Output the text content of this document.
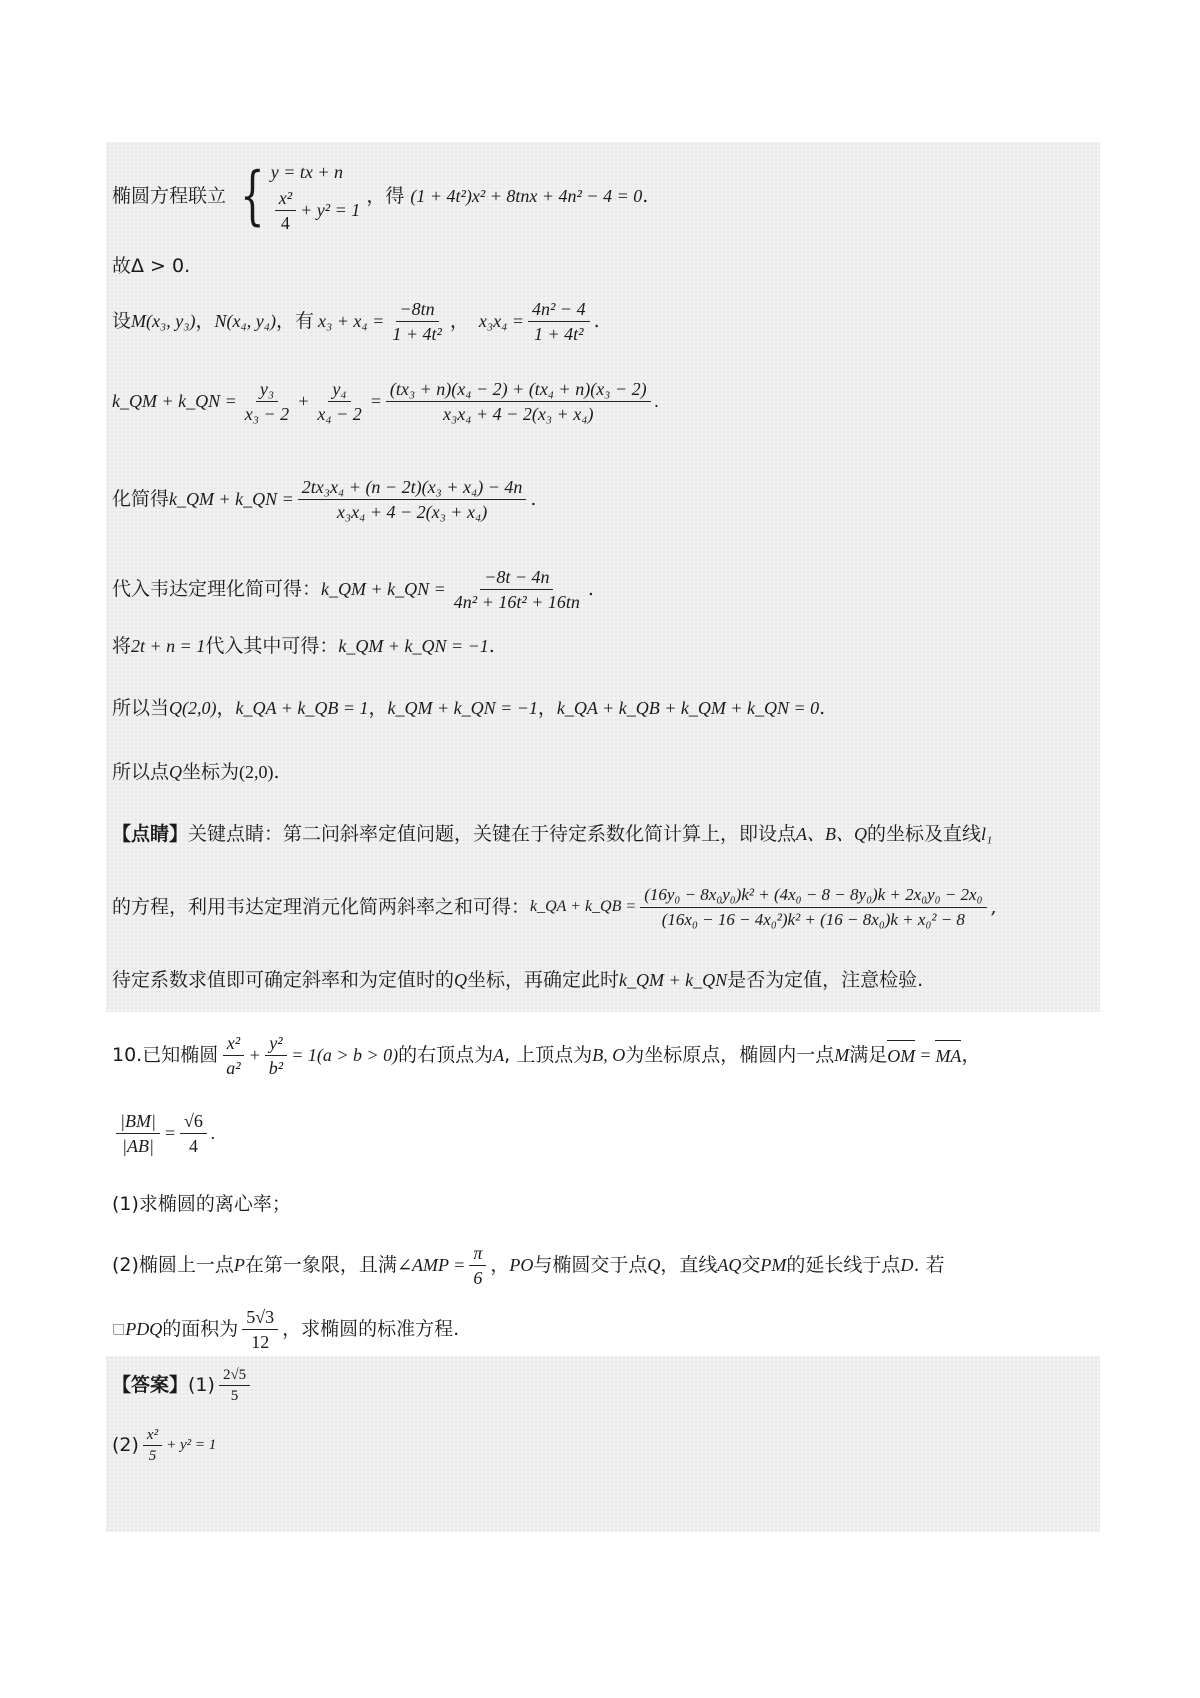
椭圆方程联立 { y = tx + n
$\frac{\text{x²}}{4} + y^2 = 1$
，得 (1 + 4t²)x² + 8tnx + 4n² − 4 = 0 .
故Δ > 0.
设 M(x₃, y₃) ， N(x₄, y₄) ，有 $x_3 + x_4 = \frac{-8tn}{\text{1 + 4t²}}$ ， $x_3x_4 = \frac{\text{4n² − 4}}{\text{1 + 4t²}}$ .
k_QM + k_QN = $\frac{\text{y₃}}{\text{x₃ − 2}} + \frac{\text{y₄}}{\text{x₄ − 2}} = \frac{\text{(tx₃ + n)(x₄ − 2) + (tx₄ + n)(x₃ − 2)}}{\text{x₃x₄ + 4 − 2(x₃ + x₄)}}$ .
化简得 k_QM + k_QN = $\frac{\text{2tx₃x₄ + (n − 2t)(x₃ + x₄) − 4n}}{\text{x₃x₄ + 4 − 2(x₃ + x₄)}}$ .
代入韦达定理化简可得： k_QM + k_QN = $\frac{-8t - 4n}{\text{4n² + 16t² + 16tn}}$ .
将 2t + n = 1 代入其中可得： k_QM + k_QN = −1 .
所以当 Q(2,0) ， k_QA + k_QB = 1 ， k_QM + k_QN = −1 ， k_QA + k_QB + k_QM + k_QN = 0 .
所以点 Q 坐标为 (2,0) .
【点睛】 关键点睛：第二问斜率定值问题，关键在于待定系数化简计算上，即设点 A、B、Q 的坐标及直线 l₁
的方程，利用韦达定理消元化简两斜率之和可得： k_QA + k_QB = $\frac{\text{(16y₀ − 8x₀y₀)k² + (4x₀ − 8 − 8y₀)k + 2x₀y₀ − 2x₀}}{\text{(16x₀ − 16 − 4x₀²)k² + (16 − 8x₀)k + x₀² − 8}}$ ,
待定系数求值即可确定斜率和为定值时的 Q 坐标，再确定此时 k_QM + k_QN 是否为定值，注意检验.
10. 已知椭圆 $\frac{\text{x²}}{\text{a²}} + \frac{\text{y²}}{\text{b²}} = 1(a > b > 0)$ 的右顶点为 A , 上顶点为 B, O 为坐标原点，椭圆内一点 M 满足 OM = MA ，
$\frac{|BM|}{|AB|} = \frac{√6}{4}$ .
(1)求椭圆的离心率；
(2)椭圆上一点 P 在第一象限，且满 ∠AMP = $\frac{\pi}{6}$ ， PO 与椭圆交于点 Q ，直线 AQ 交 PM 的延长线于点 D . 若
□ PDQ 的面积为 $\frac{5√3}{12}$ ，求椭圆的标准方程.
【答案】 $(1) \frac{2√5}{5}$
$(2) \frac{\text{x²}}{5} + y^2 = 1$
